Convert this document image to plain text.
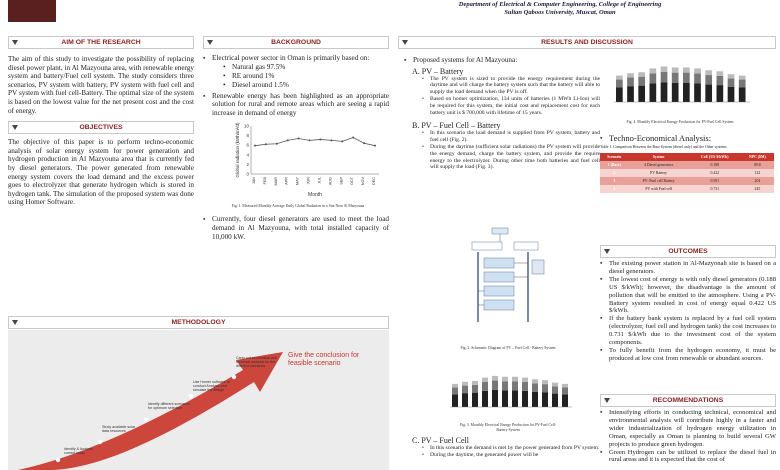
Department of Electrical & Computer Engineering, College of Engineering
Sultan Qaboos University, Muscat, Oman
AIM OF THE RESEARCH
The aim of this study to investigate the possibility of replacing diesel power plant, in Al Mazyouna area, with renewable energy system and battery/Fuel cell system. The study considers three scenarios, PV system with battery, PV system with fuel cell and PV system with fuel cell-Battery. The optimal size of the system is based on the lowest value for the net present cost and the cost of energy.
OBJECTIVES
The objective of this paper is to perform techno-economic analysis of solar energy system for power generation and hydrogen production in Al Mazyouna area that is currently fed by diesel generators. The power generated from renewable energy system covers the load demand and the excess power goes to electrolyzer that generate hydrogen which is stored in hydrogen tank. The simulation of the proposed system was done using Homer Software.
METHODOLOGY
Give the conclusion for feasible scenario
Identify & Analyze current loads
Study available solar data resources
Identify different scenarios for optimum selection
Use Homer software to conduct Analysis and simulate the design
Carry out economical and technical analysis for the different scenarios
BACKGROUND
▪ Electrical power sector in Oman is primarily based on:
• Natural gas 97.5%
• RE around 1%
• Diesel around 1.5%
▪ Renewable energy has been highlighted as an appropriate solution for rural and remote areas which are seeing a rapid increase in demand of energy
0
2
4
6
8
10
JAN FEB MAR APR MAY JUN JUL AUG SEP OCT NOV DEC
Month
Global radiation (kWh/m²/d)
Fig. 1. Measured Monthly Average Daily Global Radiation in a Site Near Al Mazyouna
▪ Currently, four diesel generators are used to meet the load demand in Al Mazyouna, with total installed capacity of 10,000 kW.
RESULTS AND DISCUSSION
▪ Proposed systems for Al Mazyouna:
A. PV – Battery
• The PV system is sized to provide the energy requirement during the daytime and will charge the battery system such that the battery will able to supply the load demand when the PV is off.
• Based on homer optimization, 134 units of batteries (1 MWh Li-Ion) will be required for this system, the initial cost and replacement cost for each battery unit is $ 700,000 with lifetime of 15 years.
B. PV – Fuel Cell – Battery
• In this scenario the load demand is supplied from PV system, battery and fuel cell (Fig. 2).
• During the daytime (sufficient solar radiations) the PV system will provide the energy demand, charge the battery system, and provide the require energy to the electrolyzer. During other time both batteries and fuel cell will supply the load (Fig. 3).
Fig. 2. Schematic Diagram of PV – Fuel Cell - Battery System
Fig. 3. Monthly Electrical Energy Production for PV-Fuel Cell-Battery System
C. PV – Fuel Cell
• In this scenario the demand is met by the power generated from PV system.
• During the daytime, the generated power will be
Fig. 4. Monthly Electrical Energy Production for PV-Fuel Cell System
▪ Techno-Economical Analysis:
Table 1. Comparison Between the Base System (diesel only) and the Other systems
Scenario	System	CoE (US $/kWh)	NPC ($M)
1 (Base)	4 Diesel generators	0.188	89.8
2	PV Battery	0.422	122
3	PV- Fuel cell Battery	0.591	204
4	PV with Fuel cell	0.731	245
OUTCOMES
▪ The existing power station in Al-Mazyonah site is based on a diesel generators.
▪ The lowest cost of energy is with only diesel generators (0.188 US $/kWh); however, the disadvantage is the amount of pollution that will be emitted to the atmosphere. Using a PV-Battery system resulted in cost of energy equal 0.422 US $/kWh.
▪ If the battery bank system is replaced by a fuel cell system (electrolyzer, fuel cell and hydrogen tank) the cost increases to 0.731 $/kWh due to the investment cost of the system components.
▪ To fully benefit from the hydrogen economy, it must be produced at low cost from renewable or abundant sources.
RECOMMENDATIONS
▪ Intensifying efforts in conducting technical, economical and environmental analysis will contribute highly in a faster and wider industrialization of hydrogen energy utilization in Oman, especially as Oman is planning to build several GW projects to produce green hydrogen.
▪ Green Hydrogen can be utilized to replace the diesel fuel in rural areas and it is expected that the cost of
